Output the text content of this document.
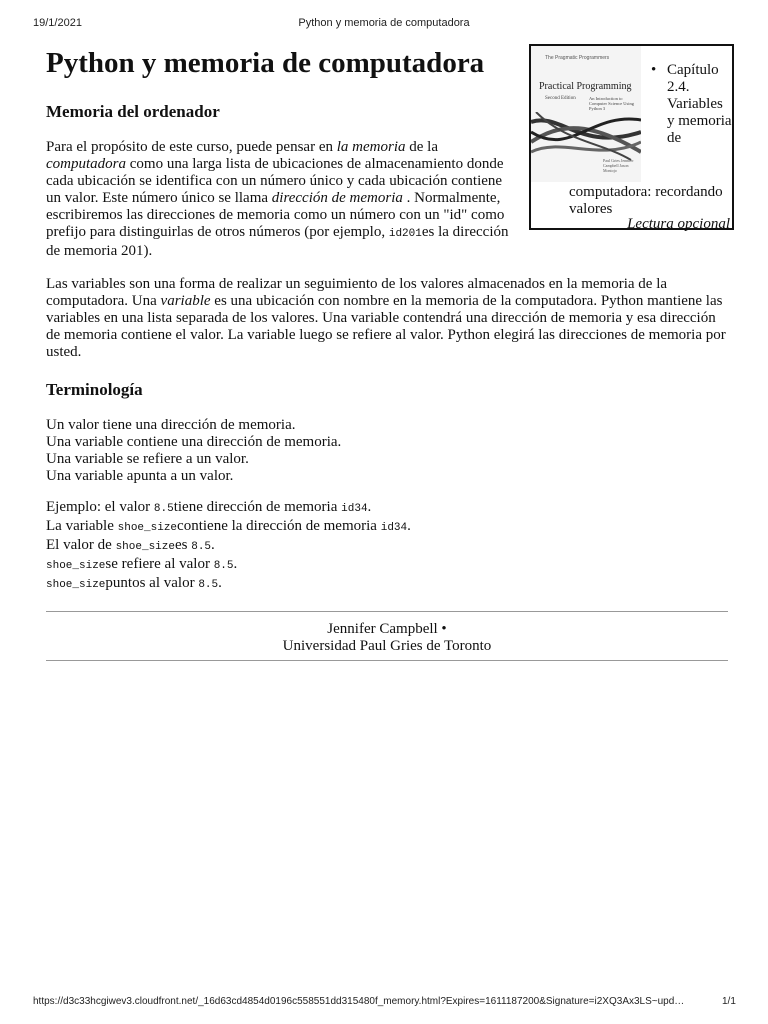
19/1/2021	Python y memoria de computadora
The Pragmatic Programmers
Practical Programming
Second Edition	An Introduction to Computer Science Using Python 3
Paul Gries Jennifer Campbell Jason Montojo
• Capítulo
2.4.
Variables
y memoria
de
computadora: recordando
valores
Lectura opcional
Python y memoria de computadora
Memoria del ordenador

Para el propósito de este curso, puede pensar en la memoria de la computadora como una larga lista de ubicaciones de almacenamiento donde cada ubicación se identifica con un número único y cada ubicación contiene un valor. Este número único se llama dirección de memoria . Normalmente, escribiremos las direcciones de memoria como un número con un "id" como prefijo para distinguirlas de otros números (por ejemplo, id201es la dirección de memoria 201).

Las variables son una forma de realizar un seguimiento de los valores almacenados en la memoria de la computadora. Una variable es una ubicación con nombre en la memoria de la computadora. Python mantiene las variables en una lista separada de los valores. Una variable contendrá una dirección de memoria y esa dirección de memoria contiene el valor. La variable luego se refiere al valor. Python elegirá las direcciones de memoria por usted.

Terminología
Un valor tiene una dirección de memoria.
Una variable contiene una dirección de memoria.
Una variable se refiere a un valor.
Una variable apunta a un valor.
Ejemplo: el valor 8.5tiene dirección de memoria id34.
La variable shoe_sizecontiene la dirección de memoria id34.
El valor de shoe_sizees 8.5.
shoe_sizese refiere al valor 8.5.
shoe_sizepuntos al valor 8.5.
Jennifer Campbell •
Universidad Paul Gries de Toronto
https://d3c33hcgiwev3.cloudfront.net/_16d63cd4854d0196c558551dd315480f_memory.html?Expires=1611187200&Signature=i2XQ3Ax3LS~upd…	1/1
